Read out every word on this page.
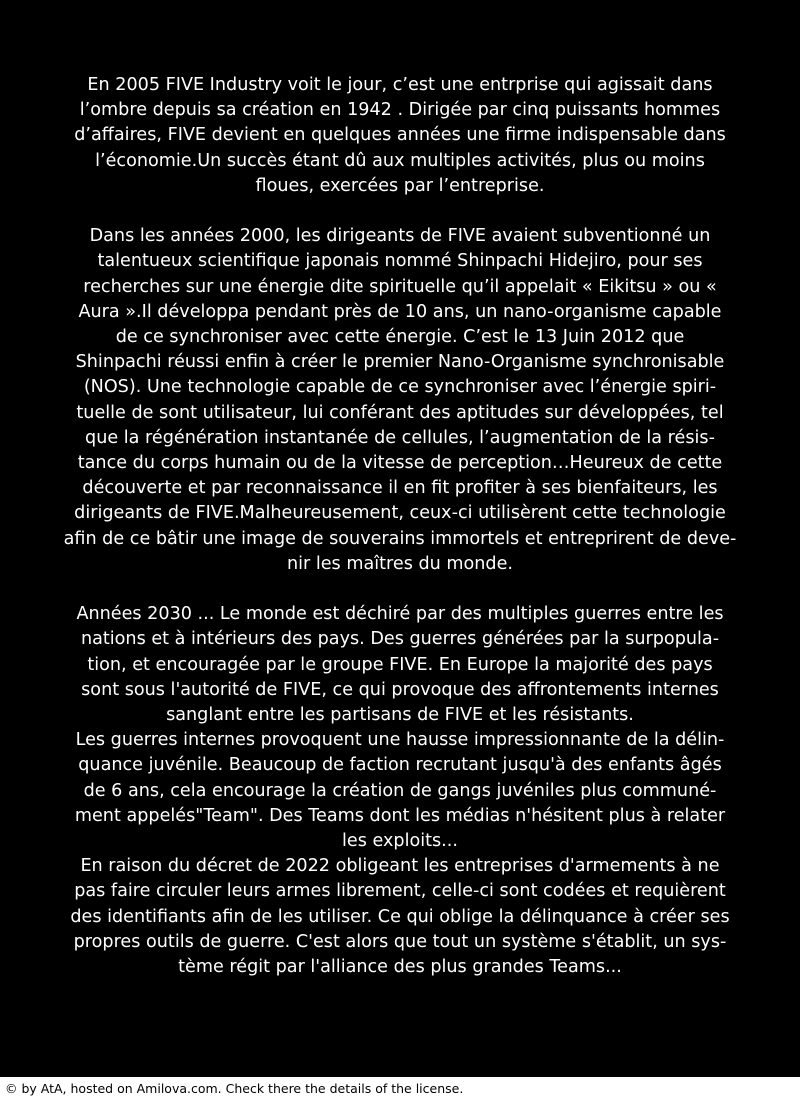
En 2005 FIVE Industry voit le jour, c’est une entrprise qui agissait dans
l’ombre depuis sa création en 1942 . Dirigée par cinq puissants hommes
d’affaires, FIVE devient en quelques années une firme indispensable dans
l’économie.Un succès étant dû aux multiples activités, plus ou moins
floues, exercées par l’entreprise.
Dans les années 2000, les dirigeants de FIVE avaient subventionné un
talentueux scientifique japonais nommé Shinpachi Hidejiro, pour ses
recherches sur une énergie dite spirituelle qu’il appelait « Eikitsu » ou «
Aura ».Il développa pendant près de 10 ans, un nano-organisme capable
de ce synchroniser avec cette énergie. C’est le 13 Juin 2012 que
Shinpachi réussi enfin à créer le premier Nano-Organisme synchronisable
(NOS). Une technologie capable de ce synchroniser avec l’énergie spiri-
tuelle de sont utilisateur, lui conférant des aptitudes sur développées, tel
que la régénération instantanée de cellules, l’augmentation de la résis-
tance du corps humain ou de la vitesse de perception…Heureux de cette
découverte et par reconnaissance il en fit profiter à ses bienfaiteurs, les
dirigeants de FIVE.Malheureusement, ceux-ci utilisèrent cette technologie
afin de ce bâtir une image de souverains immortels et entreprirent de deve-
nir les maîtres du monde.
Années 2030 ... Le monde est déchiré par des multiples guerres entre les
nations et à intérieurs des pays. Des guerres générées par la surpopula-
tion, et encouragée par le groupe FIVE. En Europe la majorité des pays
sont sous l'autorité de FIVE, ce qui provoque des affrontements internes
sanglant entre les partisans de FIVE et les résistants.
Les guerres internes provoquent une hausse impressionnante de la délin-
quance juvénile. Beaucoup de faction recrutant jusqu'à des enfants âgés
de 6 ans, cela encourage la création de gangs juvéniles plus communé-
ment appelés"Team". Des Teams dont les médias n'hésitent plus à relater
les exploits...
En raison du décret de 2022 obligeant les entreprises d'armements à ne
pas faire circuler leurs armes librement, celle-ci sont codées et requièrent
des identifiants afin de les utiliser. Ce qui oblige la délinquance à créer ses
propres outils de guerre. C'est alors que tout un système s'établit, un sys-
tème régit par l'alliance des plus grandes Teams...
© by AtA, hosted on Amilova.com. Check there the details of the license.
